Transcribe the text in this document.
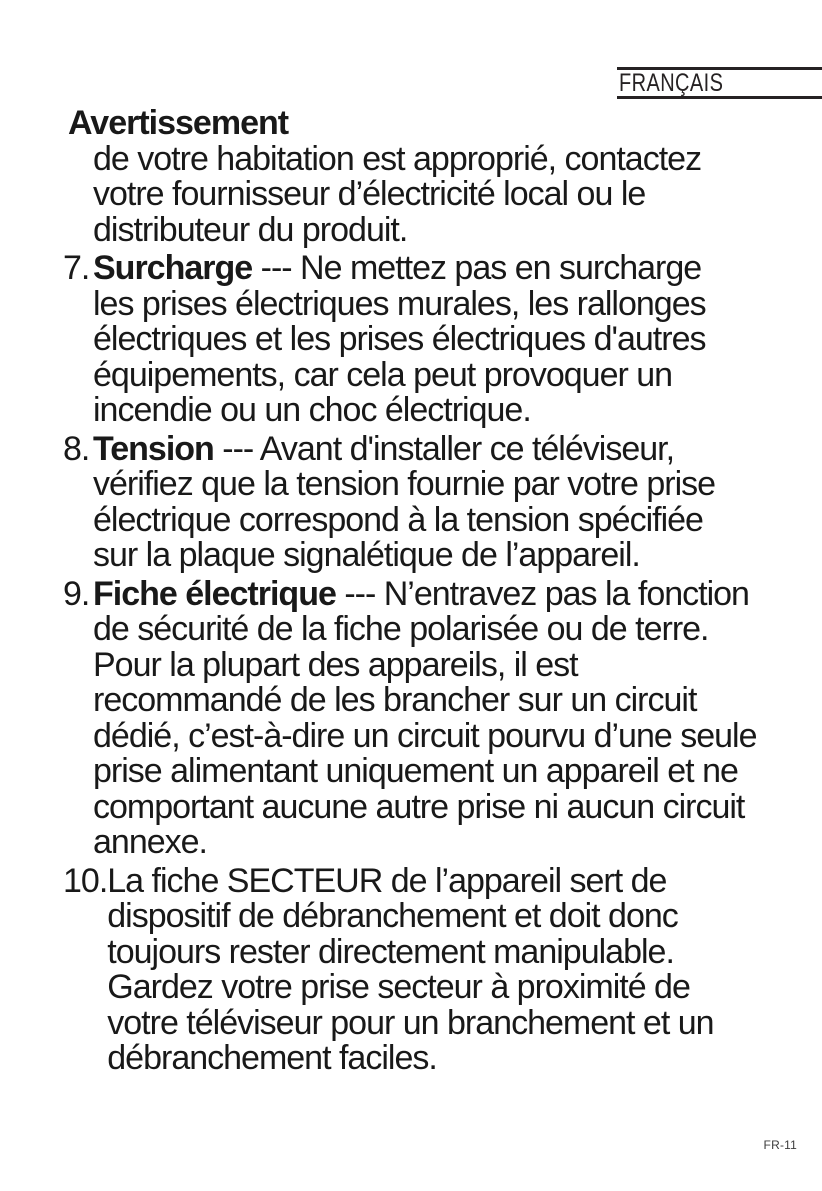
FRANÇAIS
Avertissement
de votre habitation est approprié, contactez
votre fournisseur d’électricité local ou le
distributeur du produit.
7. Surcharge --- Ne mettez pas en surcharge
les prises électriques murales, les rallonges
électriques et les prises électriques d'autres
équipements, car cela peut provoquer un
incendie ou un choc électrique.
8. Tension --- Avant d'installer ce téléviseur,
vérifiez que la tension fournie par votre prise
électrique correspond à la tension spécifiée
sur la plaque signalétique de l’appareil.
9. Fiche électrique --- N’entravez pas la fonction
de sécurité de la fiche polarisée ou de terre.
Pour la plupart des appareils, il est
recommandé de les brancher sur un circuit
dédié, c’est-à-dire un circuit pourvu d’une seule
prise alimentant uniquement un appareil et ne
comportant aucune autre prise ni aucun circuit
annexe.
10. La fiche SECTEUR de l’appareil sert de
dispositif de débranchement et doit donc
toujours rester directement manipulable.
Gardez votre prise secteur à proximité de
votre téléviseur pour un branchement et un
débranchement faciles.
FR-11
